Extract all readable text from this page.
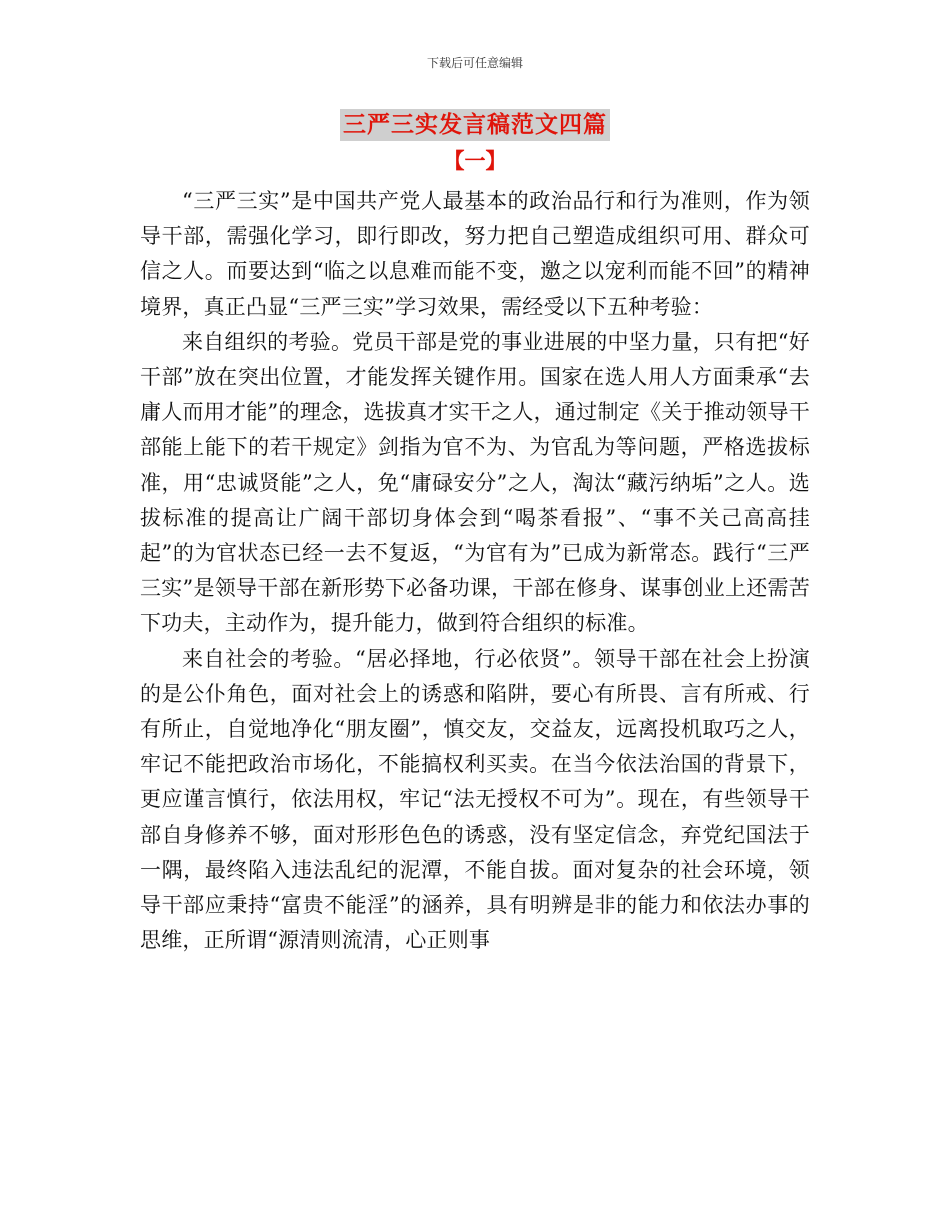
下载后可任意编辑
三严三实发言稿范文四篇
【一】

“三严三实”是中国共产党人最基本的政治品行和行为准则，作为领导干部，需强化学习，即行即改，努力把自己塑造成组织可用、群众可信之人。而要达到“临之以息难而能不变，邀之以宠利而能不回”的精神境界，真正凸显“三严三实”学习效果，需经受以下五种考验：

来自组织的考验。党员干部是党的事业进展的中坚力量，只有把“好干部”放在突出位置，才能发挥关键作用。国家在选人用人方面秉承“去庸人而用才能”的理念，选拔真才实干之人，通过制定《关于推动领导干部能上能下的若干规定》剑指为官不为、为官乱为等问题，严格选拔标准，用“忠诚贤能”之人，免“庸碌安分”之人，淘汰“藏污纳垢”之人。选拔标准的提高让广阔干部切身体会到“喝茶看报”、“事不关己高高挂起”的为官状态已经一去不复返，“为官有为”已成为新常态。践行“三严三实”是领导干部在新形势下必备功课，干部在修身、谋事创业上还需苦下功夫，主动作为，提升能力，做到符合组织的标准。

来自社会的考验。“居必择地，行必依贤”。领导干部在社会上扮演的是公仆角色，面对社会上的诱惑和陷阱，要心有所畏、言有所戒、行有所止，自觉地净化“朋友圈”，慎交友，交益友，远离投机取巧之人，牢记不能把政治市场化，不能搞权利买卖。在当今依法治国的背景下，更应谨言慎行，依法用权，牢记“法无授权不可为”。现在，有些领导干部自身修养不够，面对形形色色的诱惑，没有坚定信念，弃党纪国法于一隅，最终陷入违法乱纪的泥潭，不能自拔。面对复杂的社会环境，领导干部应秉持“富贵不能淫”的涵养，具有明辨是非的能力和依法办事的思维，正所谓“源清则流清，心正则事
